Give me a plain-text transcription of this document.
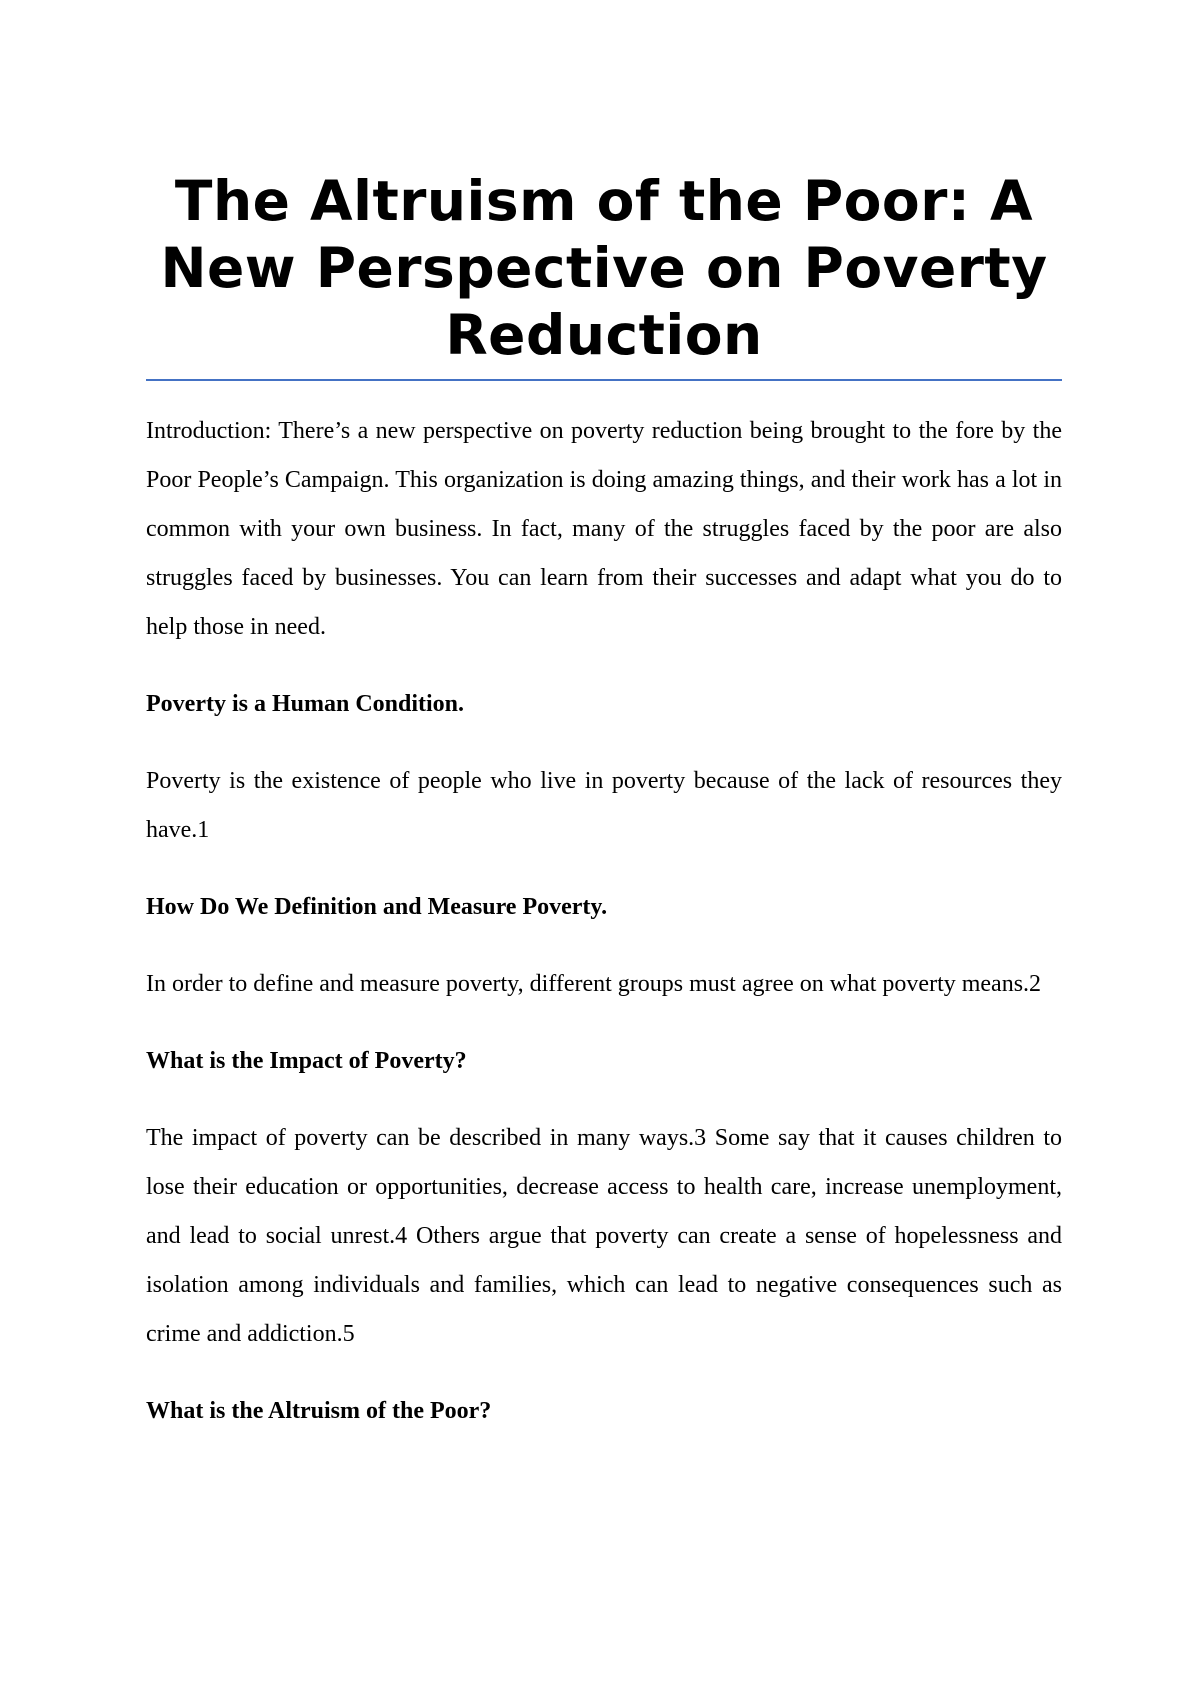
The Altruism of the Poor: A New Perspective on Poverty Reduction

Introduction: There’s a new perspective on poverty reduction being brought to the fore by the Poor People’s Campaign. This organization is doing amazing things, and their work has a lot in common with your own business. In fact, many of the struggles faced by the poor are also struggles faced by businesses. You can learn from their successes and adapt what you do to help those in need.

Poverty is a Human Condition.

Poverty is the existence of people who live in poverty because of the lack of resources they have.1

How Do We Definition and Measure Poverty.

In order to define and measure poverty, different groups must agree on what poverty means.2

What is the Impact of Poverty?

The impact of poverty can be described in many ways.3 Some say that it causes children to lose their education or opportunities, decrease access to health care, increase unemployment, and lead to social unrest.4 Others argue that poverty can create a sense of hopelessness and isolation among individuals and families, which can lead to negative consequences such as crime and addiction.5

What is the Altruism of the Poor?
